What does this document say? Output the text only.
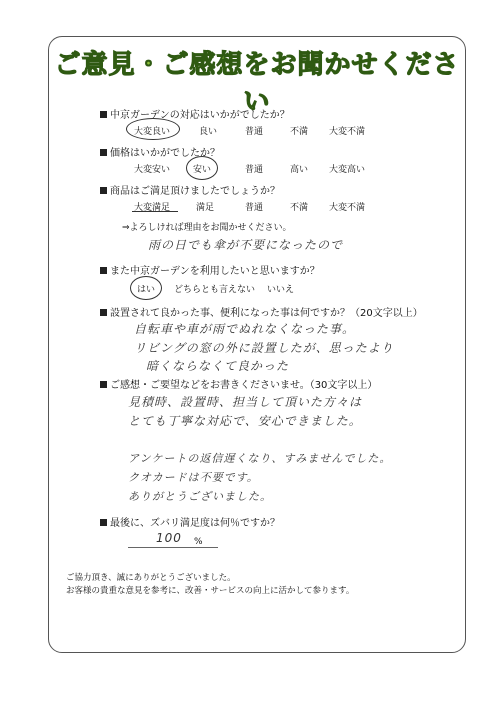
ご意見・ご感想をお聞かせください
中京ガーデンの対応はいかがでしたか？
大変良い	良い	普通	不満 大変不満
価格はいかがでしたか？
大変安い	安い	普通	高い 大変高い
商品はご満足頂けましたでしょうか？
大変満足	満足	普通	不満 大変不満
⇒よろしければ理由をお聞かせください。
雨の日でも傘が不要になったので
また中京ガーデンを利用したいと思いますか？
はい どちらとも言えない いいえ
設置されて良かった事、便利になった事は何ですか？（20文字以上）
自転車や車が雨でぬれなくなった事。
リビングの窓の外に設置したが、思ったより
暗くならなくて良かった
ご感想・ご要望などをお書きくださいませ。（30文字以上）
見積時、設置時、担当して頂いた方々は
とても丁寧な対応で、安心できました。
アンケートの返信遅くなり、すみませんでした。
クオカードは不要です。
ありがとうございました。
最後に、ズバリ満足度は何％ですか？
100 %
ご協力頂き、誠にありがとうございました。
お客様の貴重な意見を参考に、改善・サービスの向上に活かして参ります。
